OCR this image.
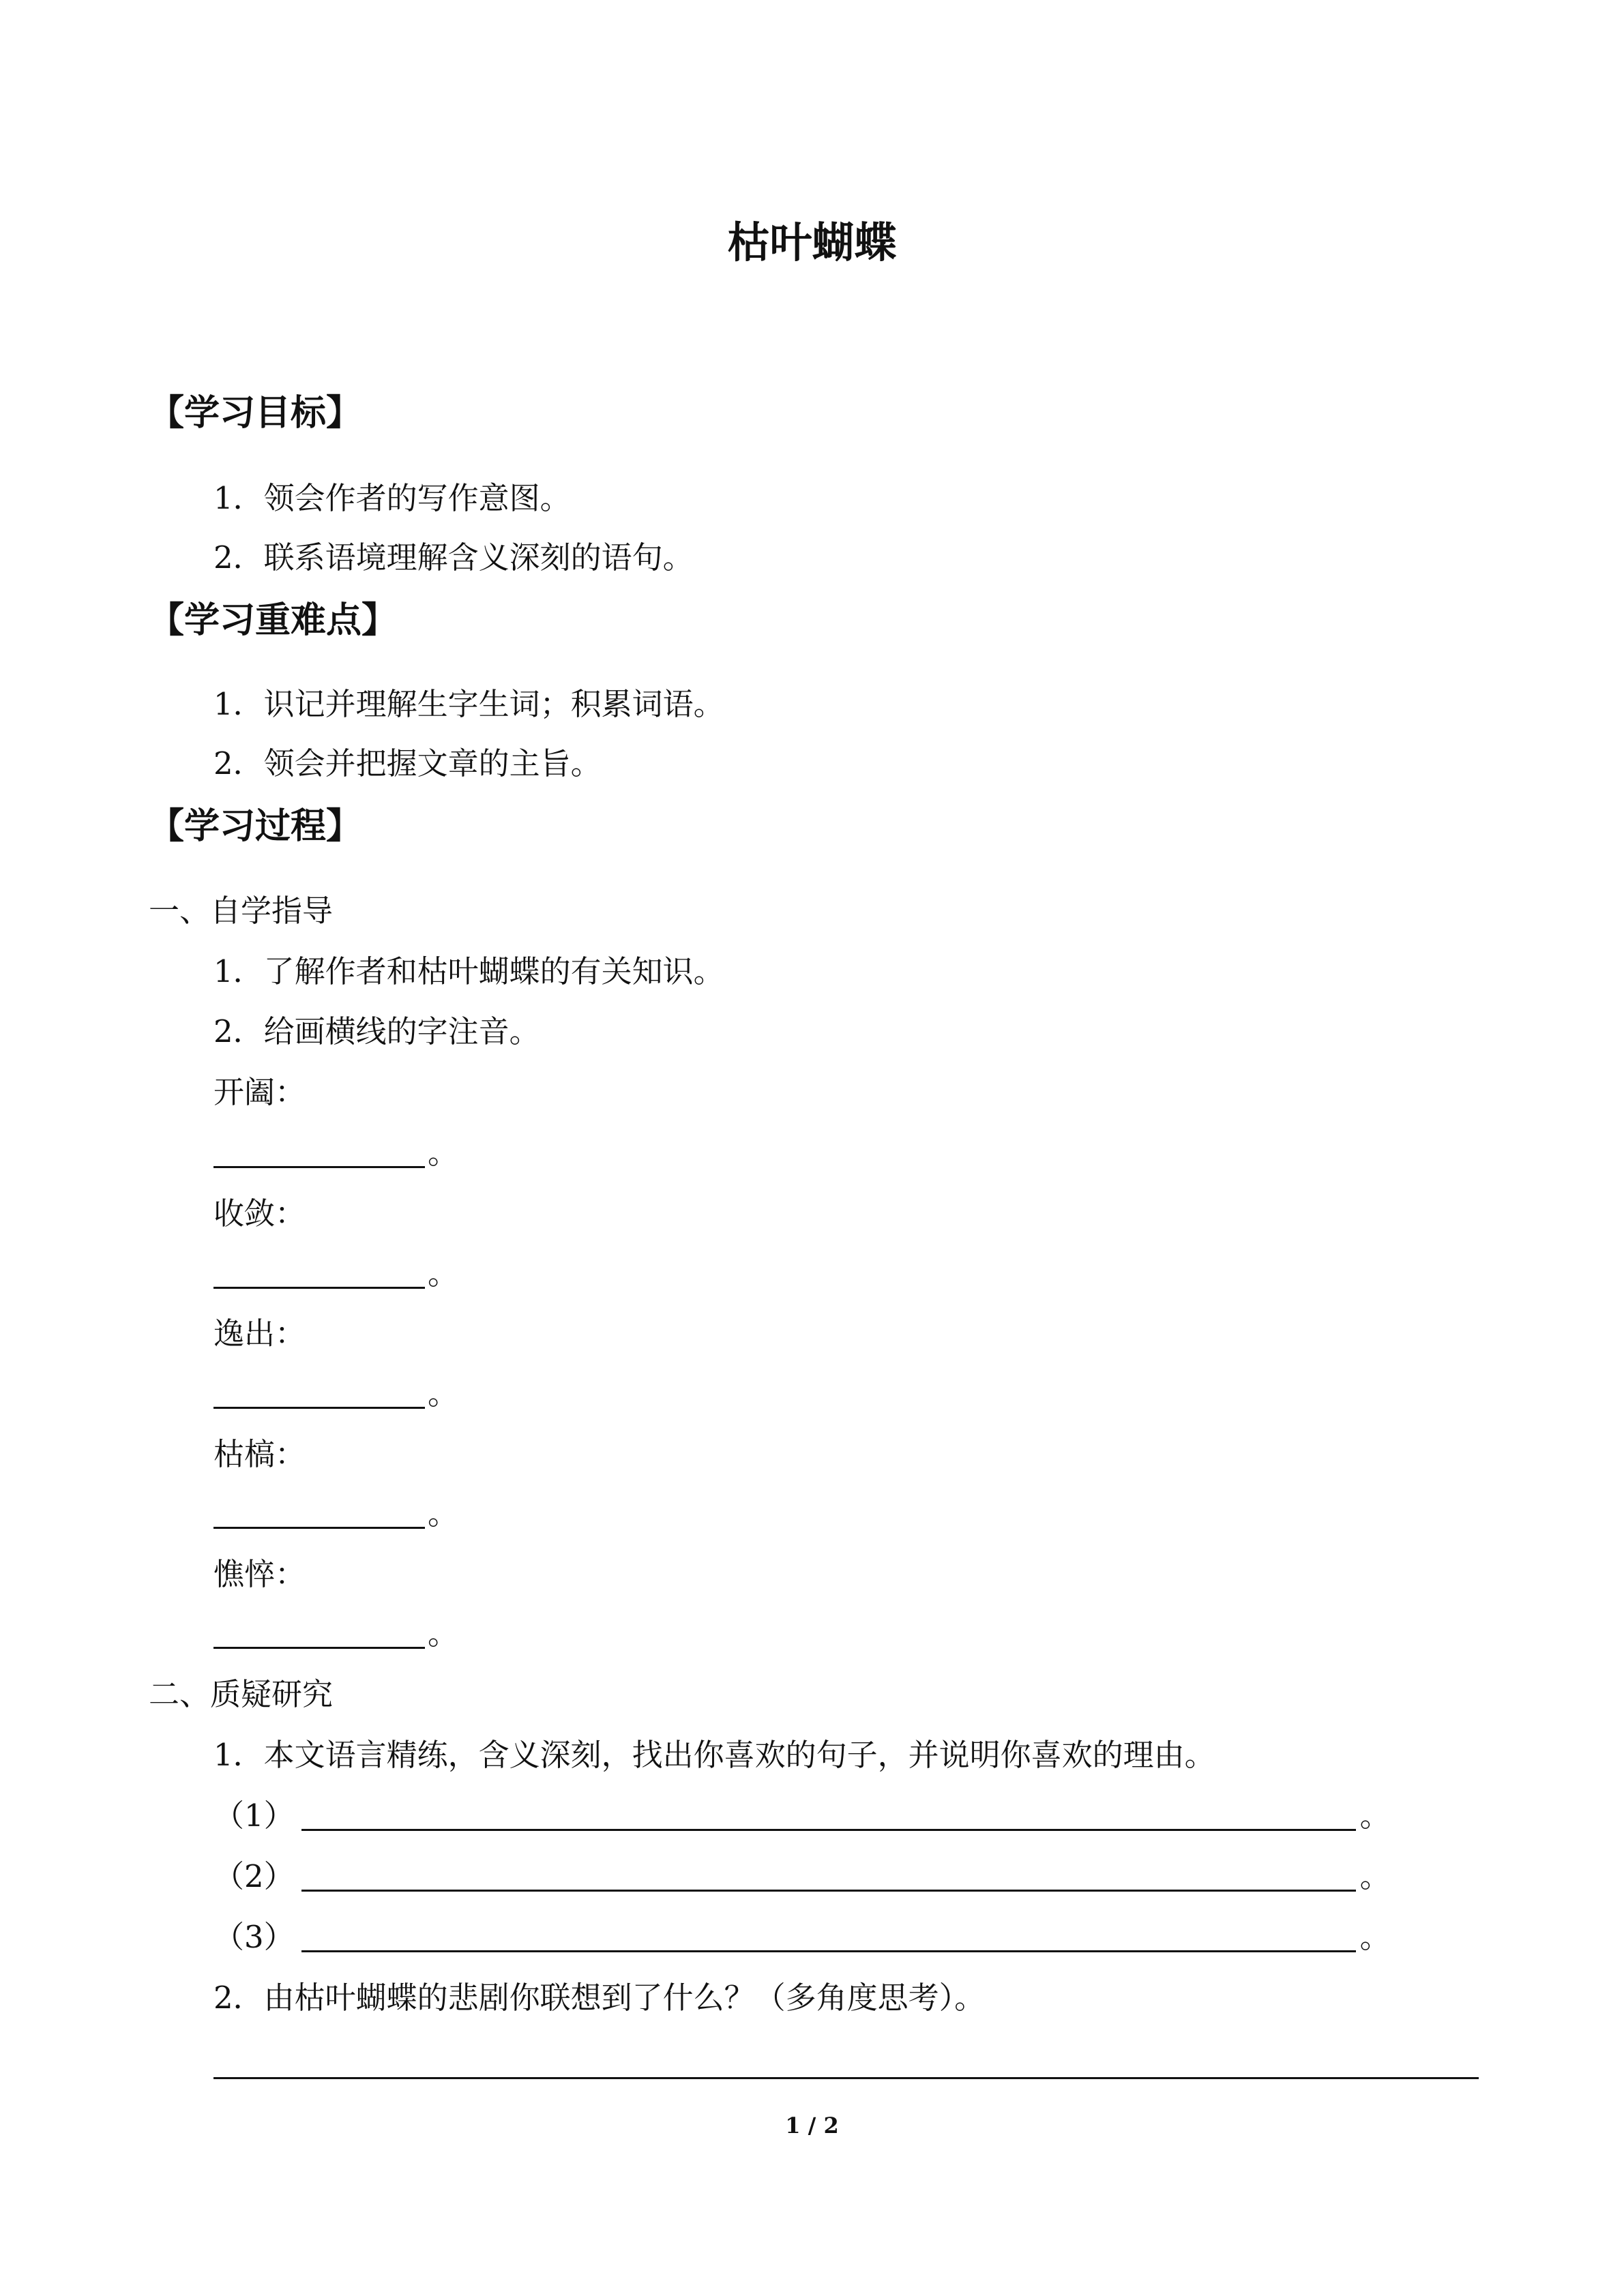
枯叶蝴蝶
【学习目标】
1．领会作者的写作意图。
2．联系语境理解含义深刻的语句。
【学习重难点】
1．识记并理解生字生词；积累词语。
2．领会并把握文章的主旨。
【学习过程】
一、自学指导
1．了解作者和枯叶蝴蝶的有关知识。
2．给画横线的字注音。
开阖：
。
收敛：
。
逸出：
。
枯槁：
。
憔悴：
。
二、质疑研究
1．本文语言精练，含义深刻，找出你喜欢的句子，并说明你喜欢的理由。
（1）	。
（2）	。
（3）	。
2．由枯叶蝴蝶的悲剧你联想到了什么？（多角度思考）。
1 / 2
